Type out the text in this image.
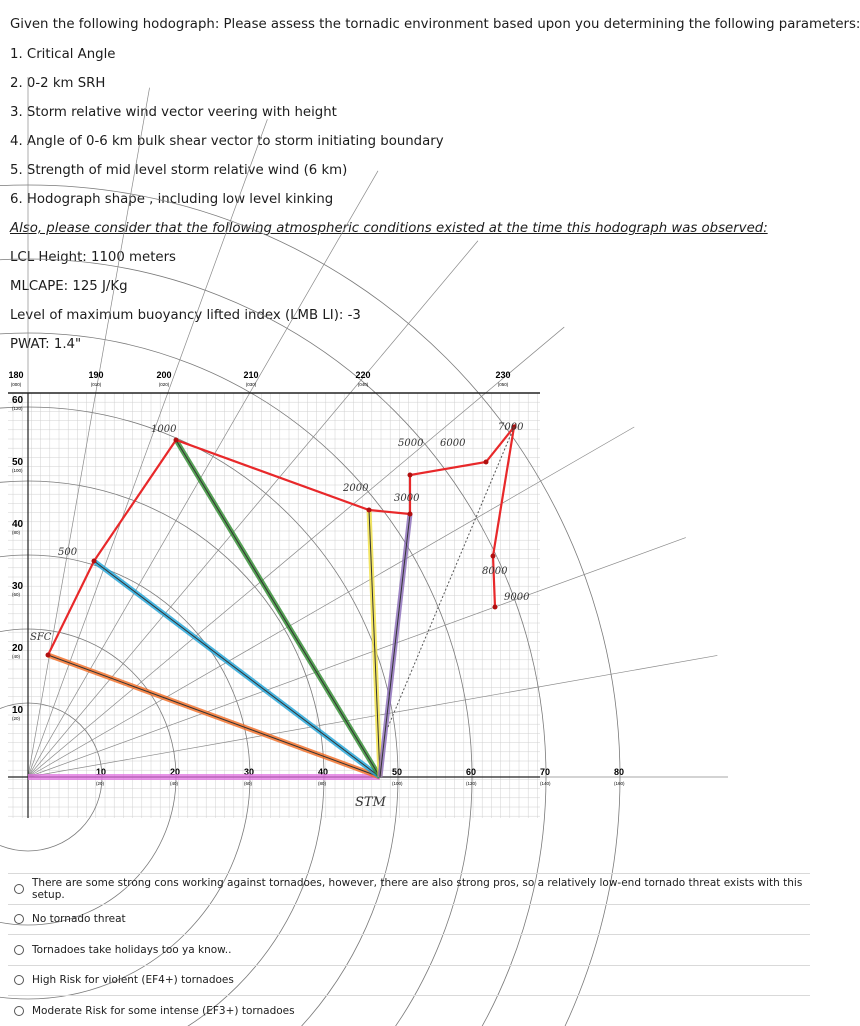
Given the following hodograph: Please assess the tornadic environment based upon you determining the following parameters:
1. Critical Angle
2. 0-2 km SRH
3. Storm relative wind vector veering with height
4. Angle of 0-6 km bulk shear vector to storm initiating boundary
5. Strength of mid level storm relative wind (6 km)
6. Hodograph shape , including low level kinking
Also, please consider that the following atmospheric conditions existed at the time this hodograph was observed:
LCL Height: 1100 meters
MLCAPE: 125 J/Kg
Level of maximum buoyancy lifted index (LMB LI): -3
PWAT: 1.4"
180
(000)
190
(010)
200
(020)
210
(030)
220
(040)
230
(050)
60
(120)
50
(100)
40
(80)
30
(60)
20
(40)
10
(20)
10
(20)
20
(40)
30
(60)
40
(80)
50
(100)
60
(120)
70
(140)
80
(160)
SFC
500
1000
2000
3000
5000 6000
7000
8000
9000
STM
There are some strong cons working against tornadoes, however, there are also strong pros, so a relatively low-end tornado threat exists with this setup.
No tornado threat
Tornadoes take holidays too ya know..
High Risk for violent (EF4+) tornadoes
Moderate Risk for some intense (EF3+) tornadoes
